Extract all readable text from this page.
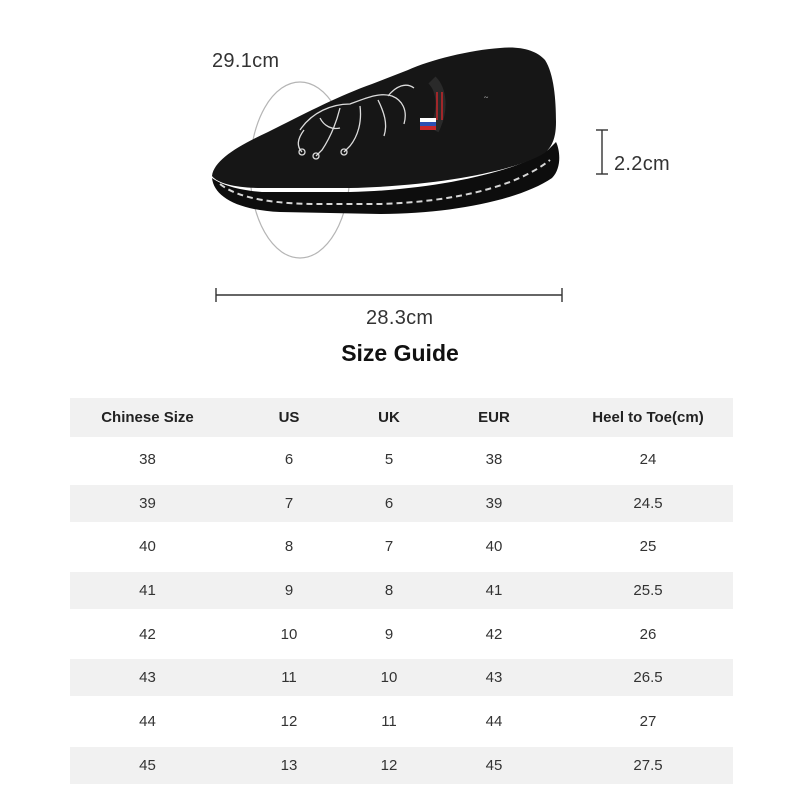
~
29.1cm
2.2cm
28.3cm
Size Guide
Chinese Size	US	UK	EUR	Heel to Toe(cm)
38	6	5	38	24
39	7	6	39	24.5
40	8	7	40	25
41	9	8	41	25.5
42	10	9	42	26
43	11	10	43	26.5
44	12	11	44	27
45	13	12	45	27.5
